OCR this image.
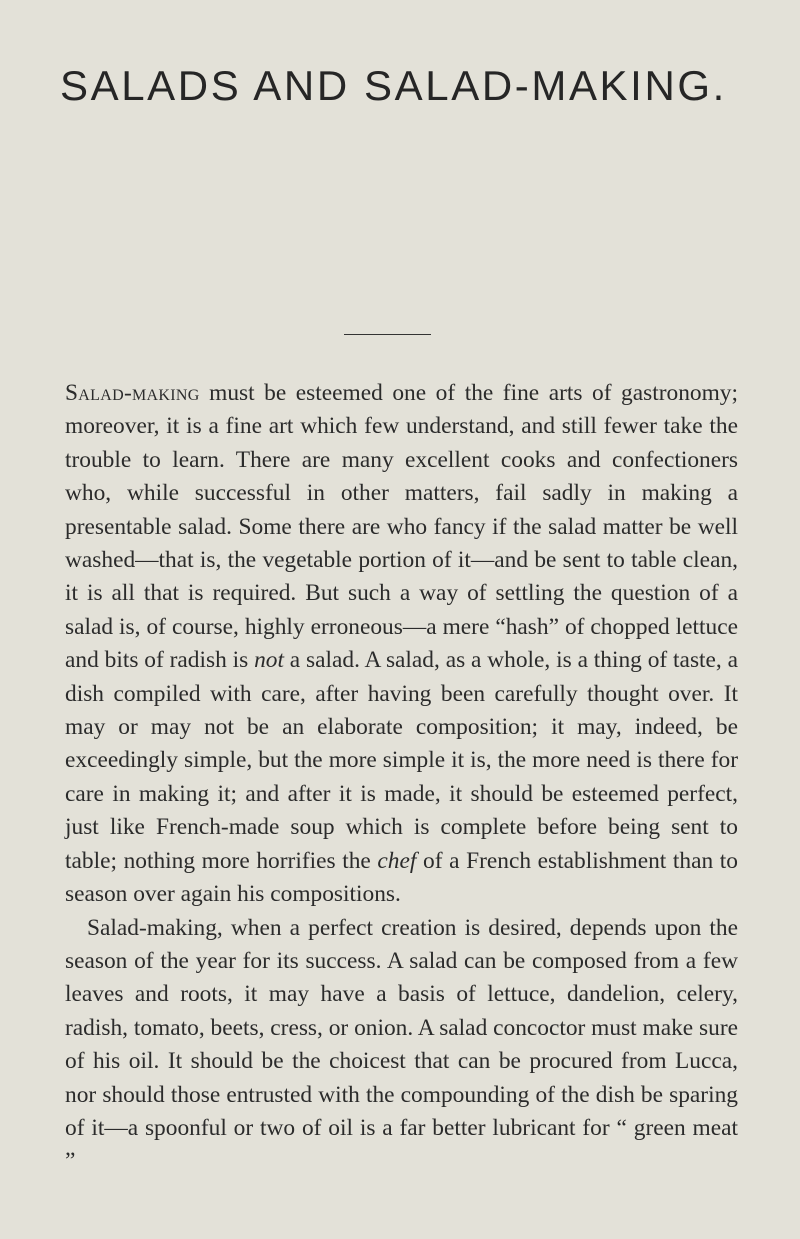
SALADS AND SALAD-MAKING.

Salad-making must be esteemed one of the fine arts of gastronomy; moreover, it is a fine art which few understand, and still fewer take the trouble to learn. There are many excellent cooks and confectioners who, while successful in other matters, fail sadly in making a presentable salad. Some there are who fancy if the salad matter be well washed—that is, the vegetable portion of it—and be sent to table clean, it is all that is required. But such a way of settling the question of a salad is, of course, highly erroneous—a mere “hash” of chopped lettuce and bits of radish is not a salad. A salad, as a whole, is a thing of taste, a dish compiled with care, after having been carefully thought over. It may or may not be an elaborate composition; it may, indeed, be exceedingly simple, but the more simple it is, the more need is there for care in making it; and after it is made, it should be esteemed perfect, just like French-made soup which is complete before being sent to table; nothing more horrifies the chef of a French establishment than to season over again his compositions.

Salad-making, when a perfect creation is desired, depends upon the season of the year for its success. A salad can be composed from a few leaves and roots, it may have a basis of lettuce, dandelion, celery, radish, tomato, beets, cress, or onion. A salad concoctor must make sure of his oil. It should be the choicest that can be procured from Lucca, nor should those entrusted with the compounding of the dish be sparing of it—a spoonful or two of oil is a far better lubricant for “ green meat ”
